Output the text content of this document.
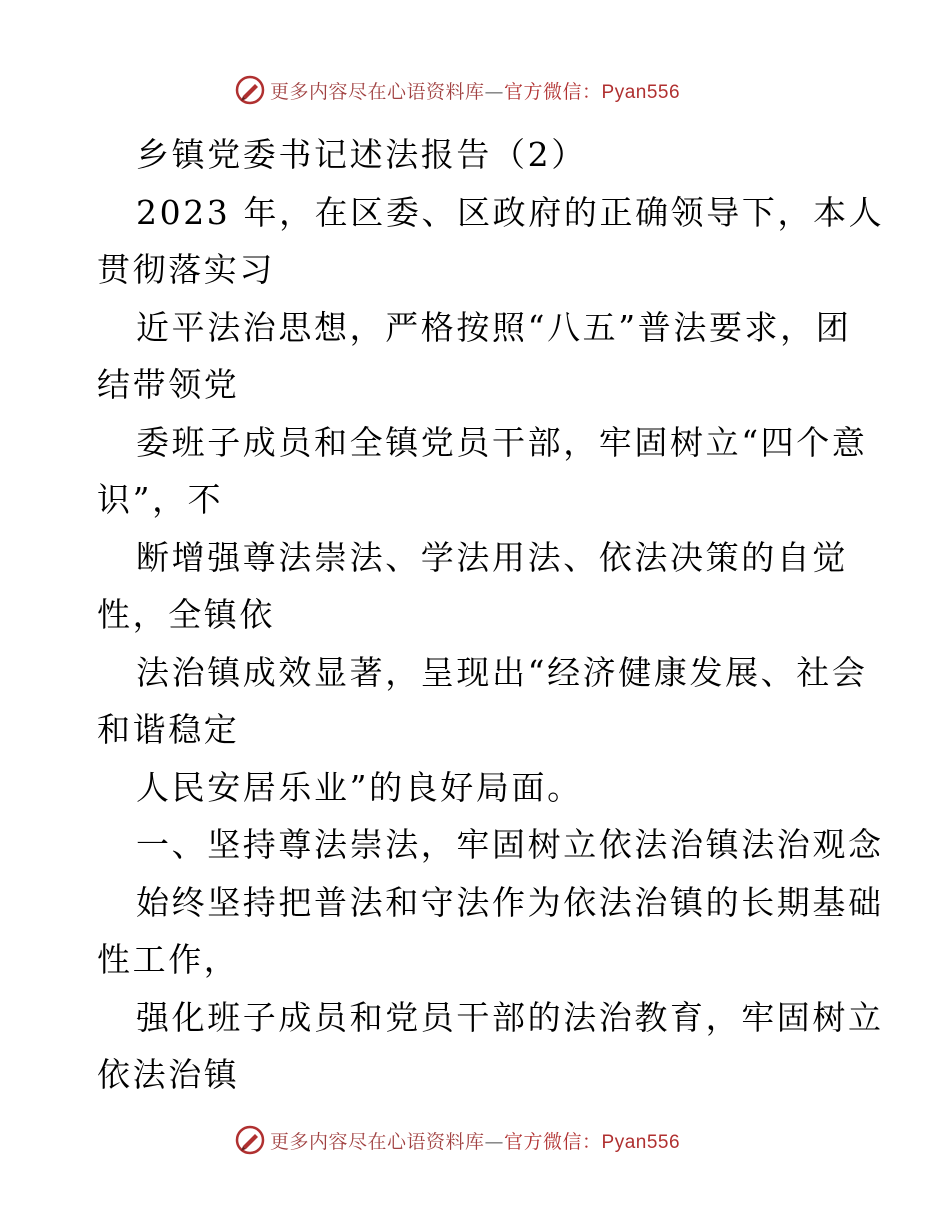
更多内容尽在心语资料库—官方微信：Pyan556
乡镇党委书记述法报告（2）
2023 年，在区委、区政府的正确领导下，本人
贯彻落实习
近平法治思想，严格按照“八五”普法要求，团
结带领党
委班子成员和全镇党员干部，牢固树立“四个意
识”，不
断增强尊法崇法、学法用法、依法决策的自觉
性，全镇依
法治镇成效显著，呈现出“经济健康发展、社会
和谐稳定
人民安居乐业”的良好局面。
一、坚持尊法崇法，牢固树立依法治镇法治观念
始终坚持把普法和守法作为依法治镇的长期基础
性工作，
强化班子成员和党员干部的法治教育，牢固树立
依法治镇
更多内容尽在心语资料库—官方微信：Pyan556
